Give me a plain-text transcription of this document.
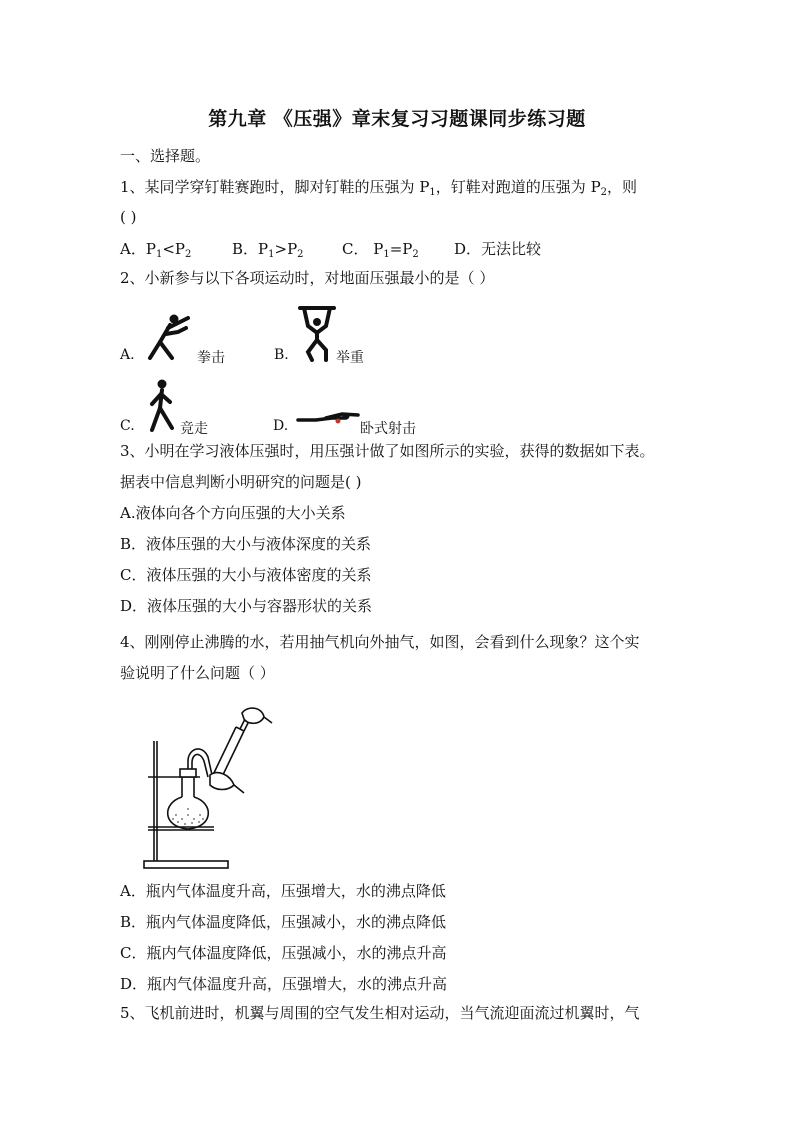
第九章 《压强》章末复习习题课同步练习题
一、选择题。
1、某同学穿钉鞋赛跑时，脚对钉鞋的压强为 $P_1$，钉鞋对跑道的压强为 $P_2$，则
( )
A．$P_1<P_2$	B．$P_1>P_2$	C． $P_1=P_2$ D．无法比较
2、小新参与以下各项运动时，对地面压强最小的是（ ）
A.	拳击	B.	举重
C.	竞走	D.	卧式射击
3、小明在学习液体压强时，用压强计做了如图所示的实验，获得的数据如下表。
据表中信息判断小明研究的问题是( )
A.液体向各个方向压强的大小关系
B．液体压强的大小与液体深度的关系
C．液体压强的大小与液体密度的关系
D．液体压强的大小与容器形状的关系
4、刚刚停止沸腾的水，若用抽气机向外抽气，如图，会看到什么现象？这个实
验说明了什么问题（ ）
A．瓶内气体温度升高，压强增大，水的沸点降低
B．瓶内气体温度降低，压强减小，水的沸点降低
C．瓶内气体温度降低，压强减小，水的沸点升高
D．瓶内气体温度升高，压强增大，水的沸点升高
5、飞机前进时，机翼与周围的空气发生相对运动，当气流迎面流过机翼时，气
